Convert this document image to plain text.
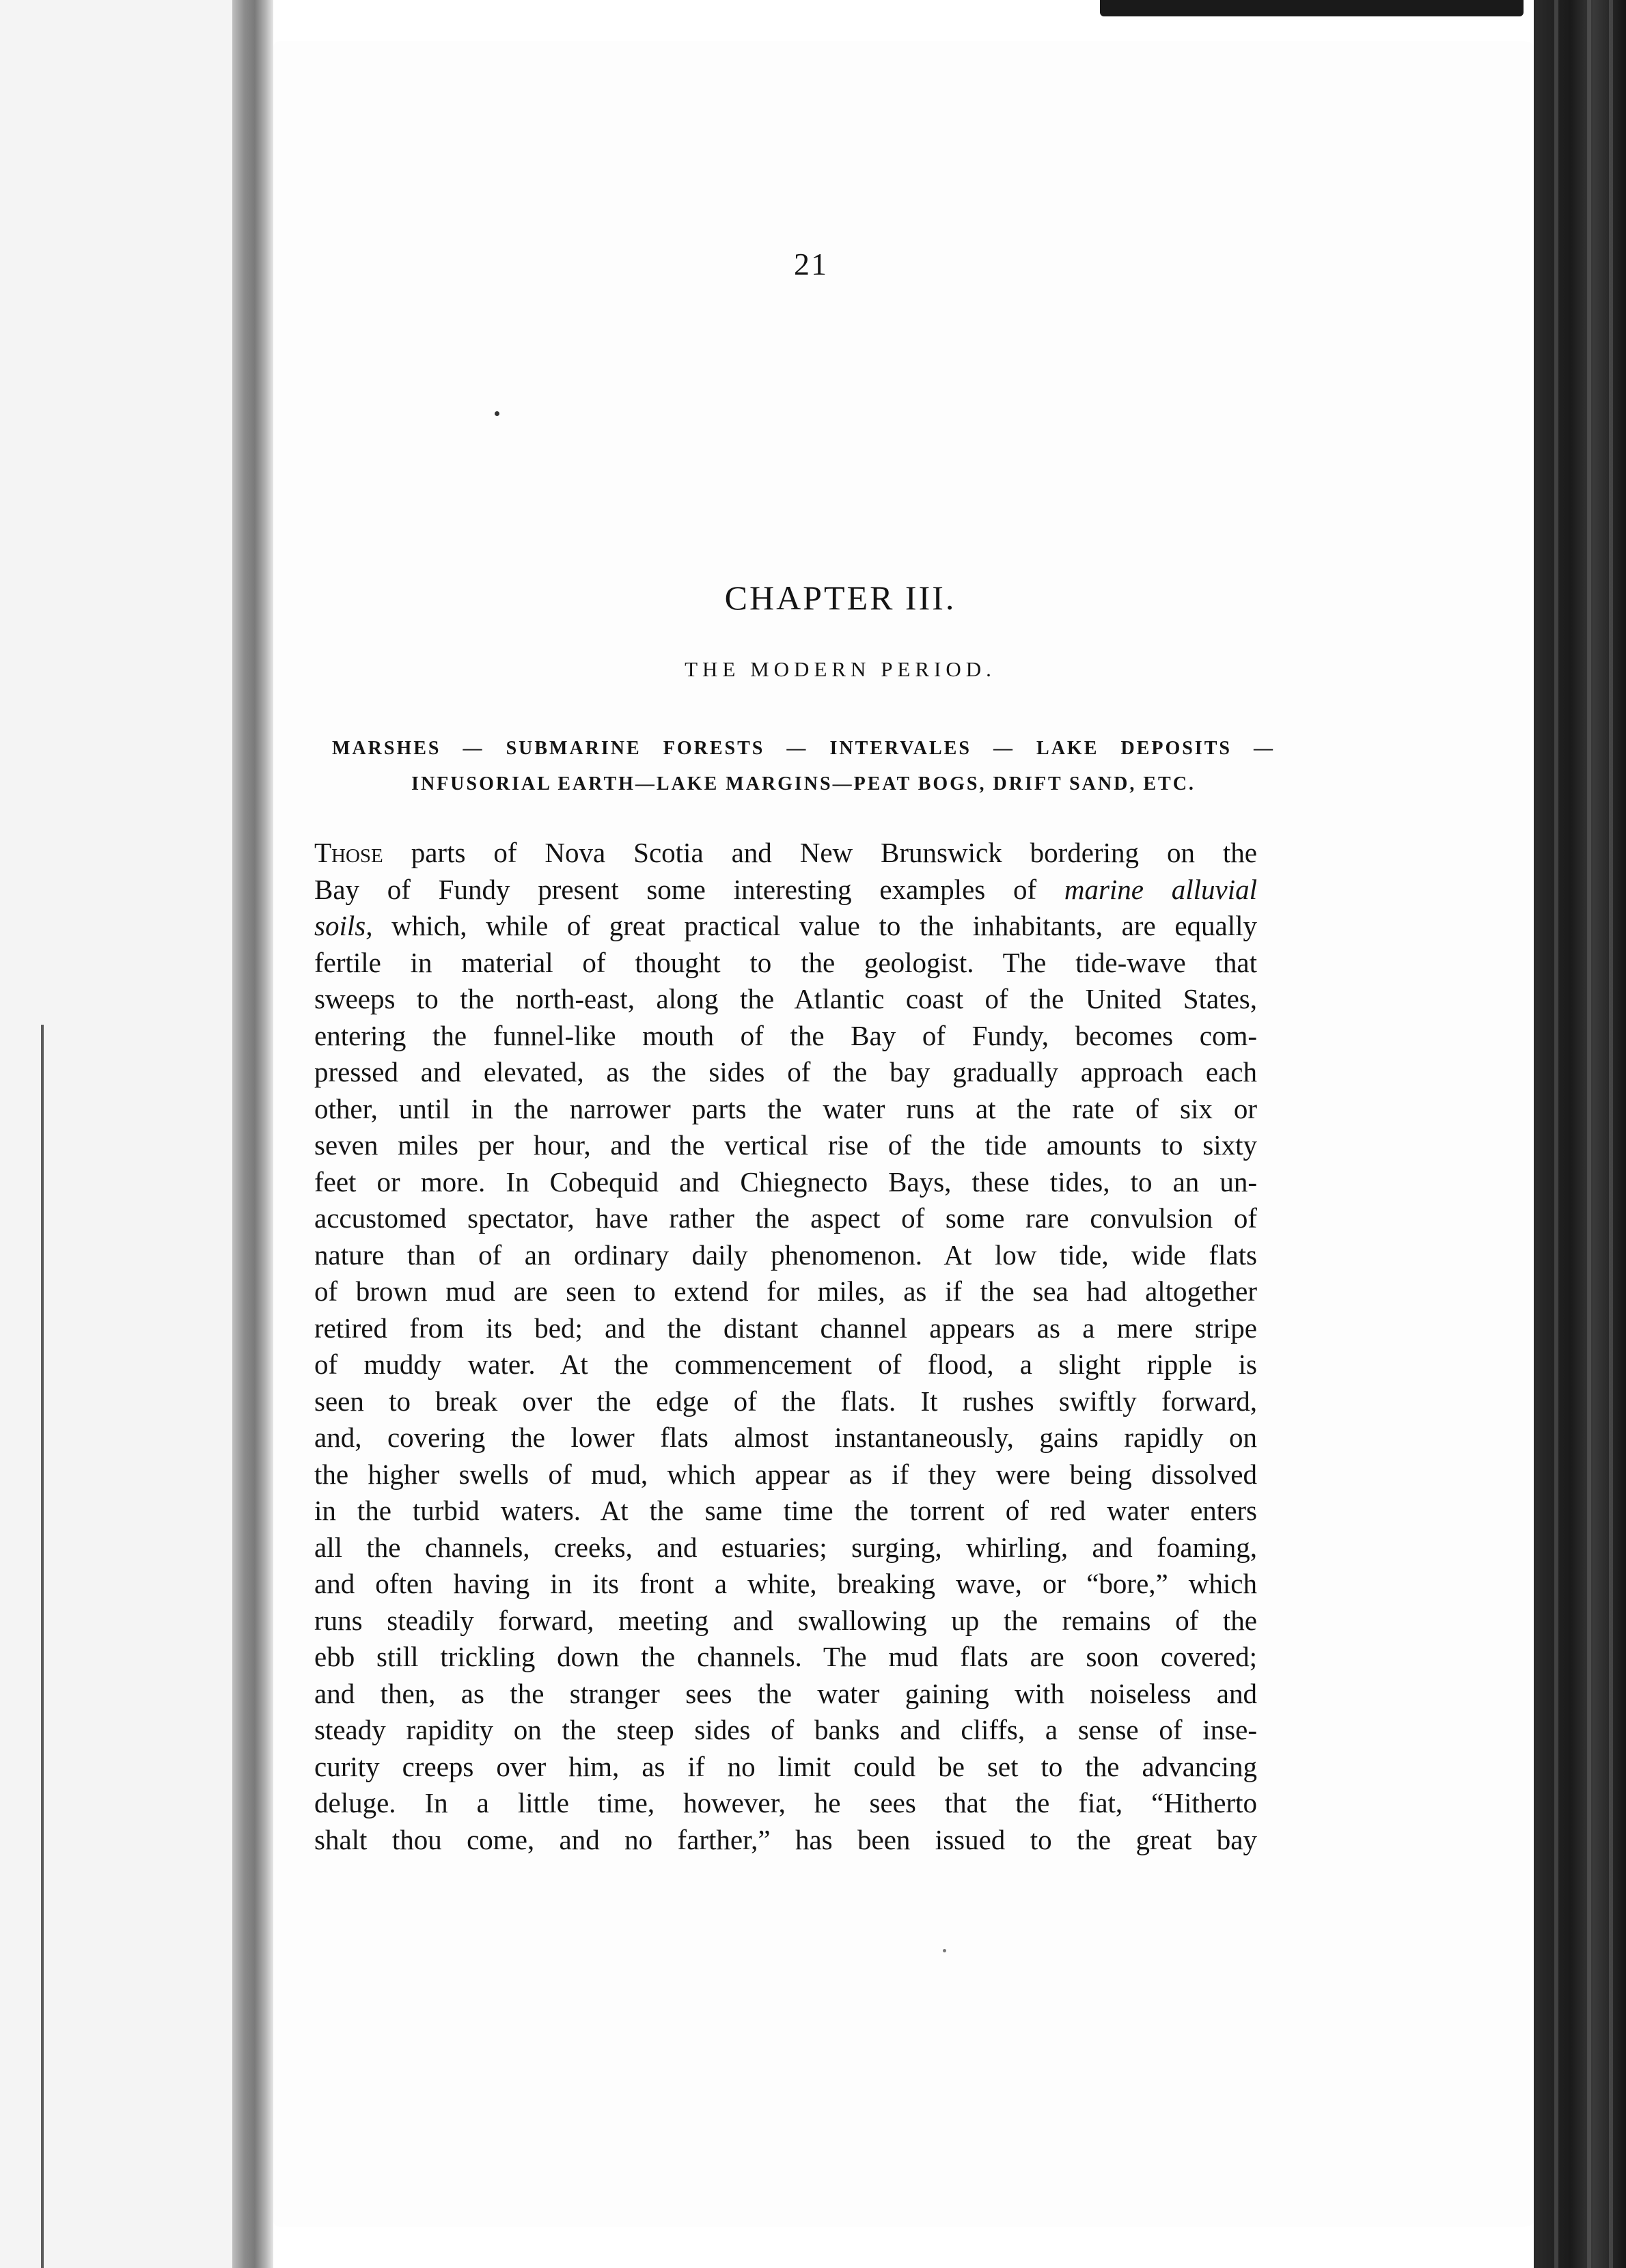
21
CHAPTER III.
THE MODERN PERIOD.
MARSHES — SUBMARINE FORESTS — INTERVALES — LAKE DEPOSITS — INFUSORIAL EARTH—LAKE MARGINS—PEAT BOGS, DRIFT SAND, ETC.
Those parts of Nova Scotia and New Brunswick bordering on the
Bay of Fundy present some interesting examples of marine alluvial
soils, which, while of great practical value to the inhabitants, are equally
fertile in material of thought to the geologist. The tide-wave that
sweeps to the north-east, along the Atlantic coast of the United States,
entering the funnel-like mouth of the Bay of Fundy, becomes com-
pressed and elevated, as the sides of the bay gradually approach each
other, until in the narrower parts the water runs at the rate of six or
seven miles per hour, and the vertical rise of the tide amounts to sixty
feet or more. In Cobequid and Chiegnecto Bays, these tides, to an un-
accustomed spectator, have rather the aspect of some rare convulsion of
nature than of an ordinary daily phenomenon. At low tide, wide flats
of brown mud are seen to extend for miles, as if the sea had altogether
retired from its bed; and the distant channel appears as a mere stripe
of muddy water. At the commencement of flood, a slight ripple is
seen to break over the edge of the flats. It rushes swiftly forward,
and, covering the lower flats almost instantaneously, gains rapidly on
the higher swells of mud, which appear as if they were being dissolved
in the turbid waters. At the same time the torrent of red water enters
all the channels, creeks, and estuaries; surging, whirling, and foaming,
and often having in its front a white, breaking wave, or “bore,” which
runs steadily forward, meeting and swallowing up the remains of the
ebb still trickling down the channels. The mud flats are soon covered;
and then, as the stranger sees the water gaining with noiseless and
steady rapidity on the steep sides of banks and cliffs, a sense of inse-
curity creeps over him, as if no limit could be set to the advancing
deluge. In a little time, however, he sees that the fiat, “Hitherto
shalt thou come, and no farther,” has been issued to the great bay
